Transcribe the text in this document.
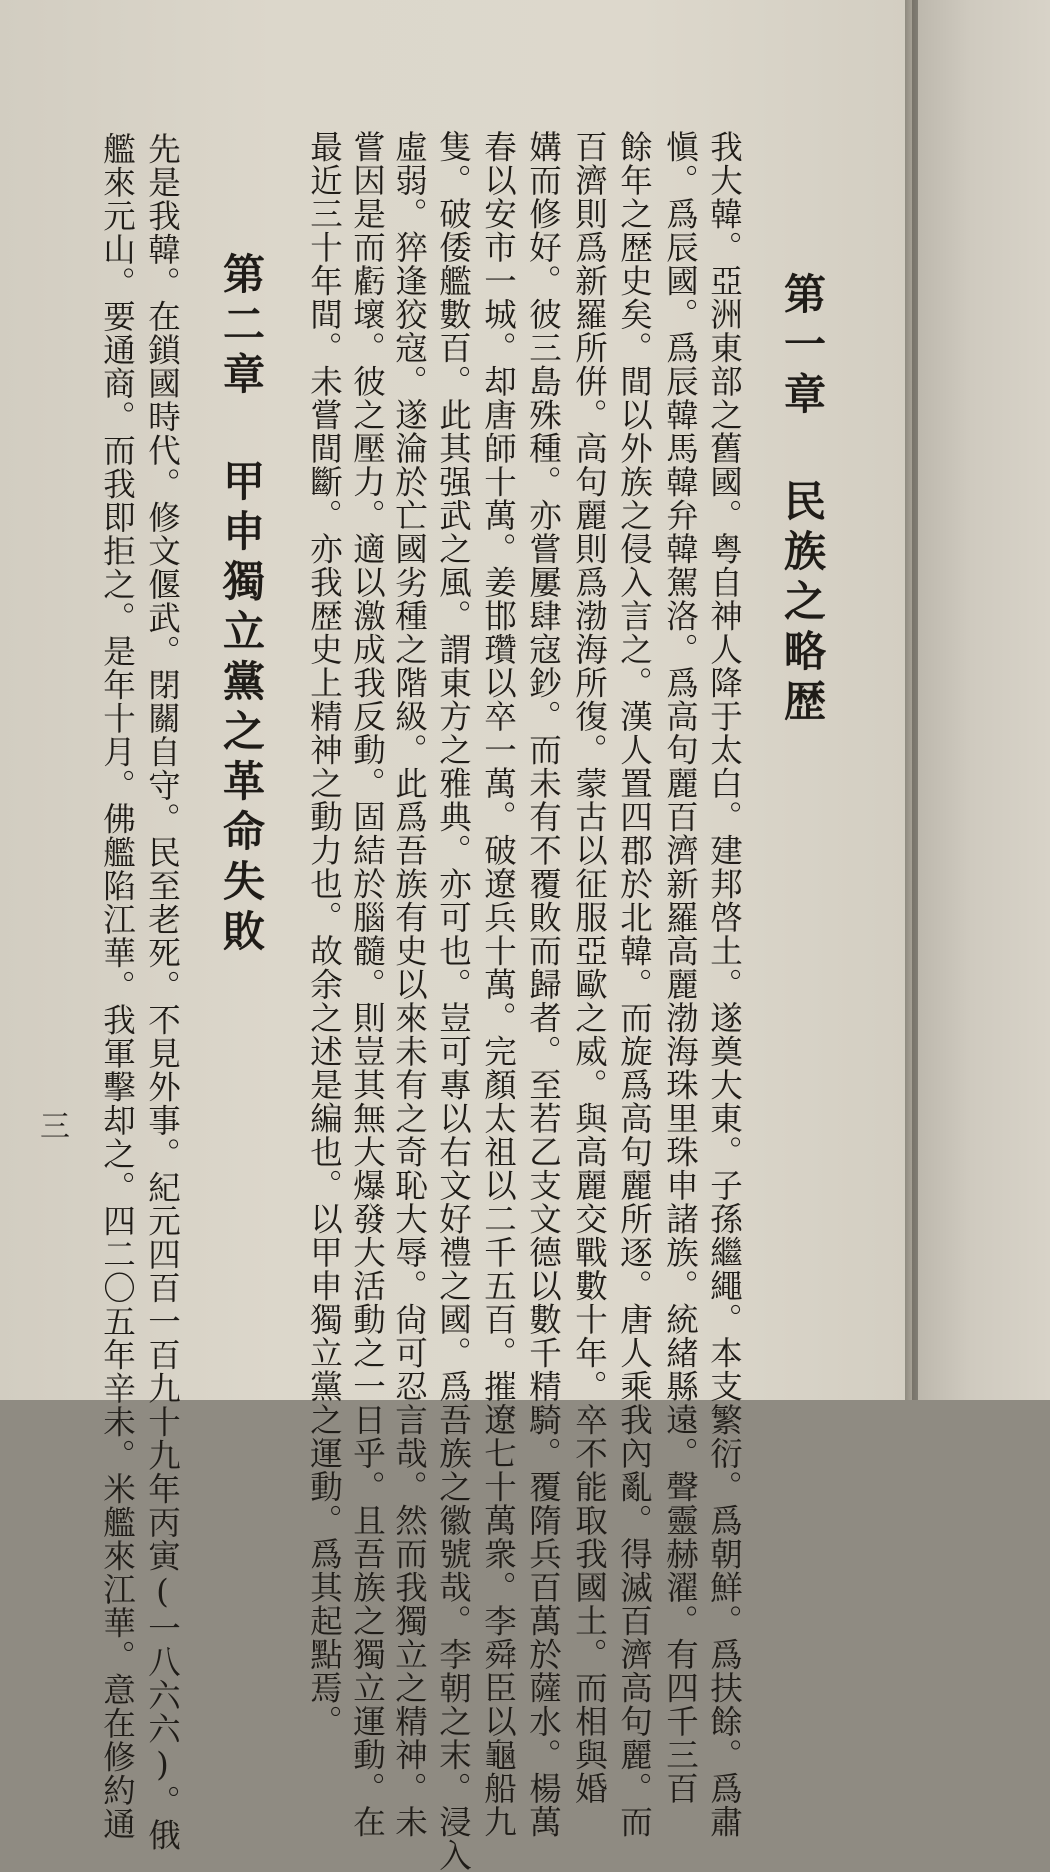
第一章 民族之略歴
我大韓。亞洲東部之舊國。粤自神人降于太白。建邦啓土。遂奠大東。子孫繼繩。本支繁衍。爲朝鮮。爲扶餘。爲肅
愼。爲辰國。爲辰韓馬韓弁韓駕洛。爲高句麗百濟新羅高麗渤海珠里珠申諸族。統緒縣遠。聲靈赫濯。有四千三百
餘年之歴史矣。間以外族之侵入言之。漢人置四郡於北韓。而旋爲高句麗所逐。唐人乘我內亂。得滅百濟高句麗。而
百濟則爲新羅所倂。高句麗則爲渤海所復。蒙古以征服亞歐之威。與高麗交戰數十年。卒不能取我國土。而相與婚
媾而修好。彼三島殊種。亦嘗屢肆寇鈔。而未有不覆敗而歸者。至若乙支文德以數千精騎。覆隋兵百萬於薩水。楊萬
春以安市一城。却唐師十萬。姜邯瓚以卒一萬。破遼兵十萬。完顏太祖以二千五百。摧遼七十萬衆。李舜臣以龜船九
隻。破倭艦數百。此其强武之風。謂東方之雅典。亦可也。豈可專以右文好禮之國。爲吾族之徽號哉。李朝之末。浸入
虛弱。猝逢狡寇。遂淪於亡國劣種之階級。此爲吾族有史以來未有之奇恥大辱。尙可忍言哉。然而我獨立之精神。未
嘗因是而虧壞。彼之壓力。適以激成我反動。固結於腦髓。則豈其無大爆發大活動之一日乎。且吾族之獨立運動。在
最近三十年間。未嘗間斷。亦我歴史上精神之動力也。故余之述是編也。以甲申獨立黨之運動。爲其起點焉。
第二章 甲申獨立黨之革命失敗
先是我韓。在鎖國時代。修文偃武。閉關自守。民至老死。不見外事。紀元四百一百九十九年丙寅(一八六六)。俄
艦來元山。要通商。而我即拒之。是年十月。佛艦陷江華。我軍擊却之。四二〇五年辛未。米艦來江華。意在修約通
三
